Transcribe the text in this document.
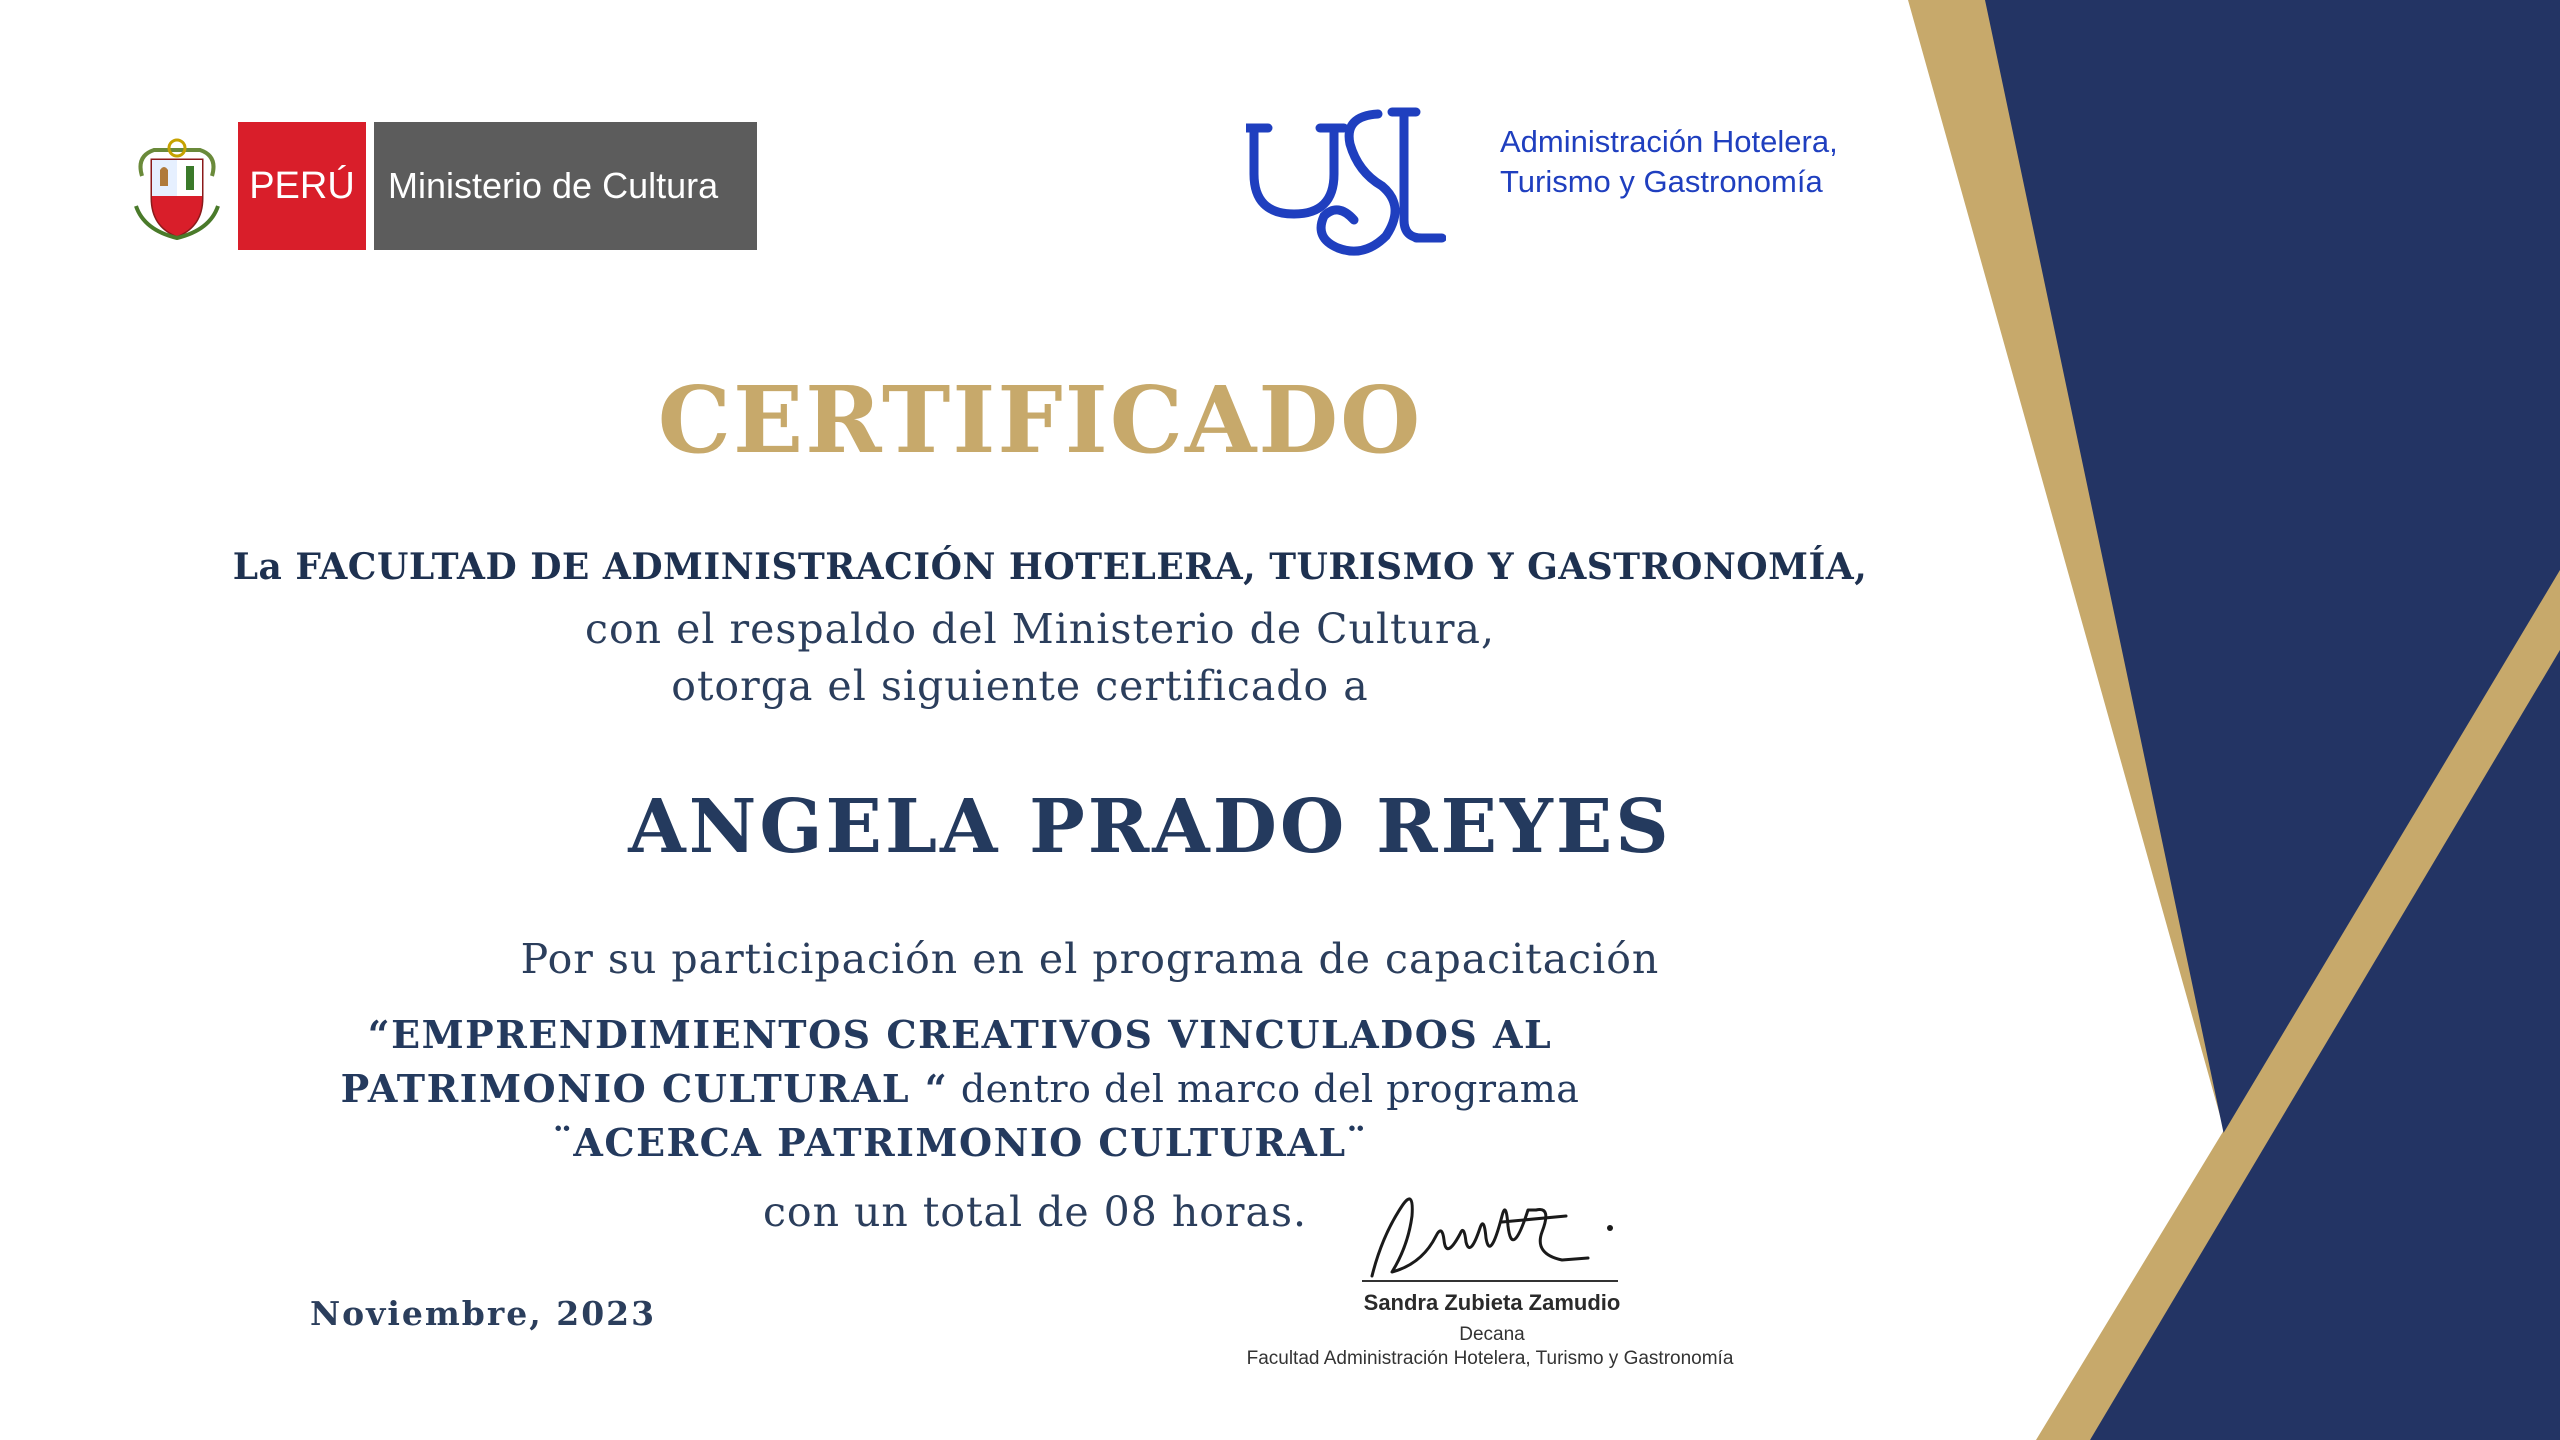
PERÚ Ministerio de Cultura
Administración Hotelera,
Turismo y Gastronomía
CERTIFICADO
La FACULTAD DE ADMINISTRACIÓN HOTELERA, TURISMO Y GASTRONOMÍA,
con el respaldo del Ministerio de Cultura,
otorga el siguiente certificado a
ANGELA PRADO REYES
Por su participación en el programa de capacitación
“EMPRENDIMIENTOS CREATIVOS VINCULADOS AL PATRIMONIO CULTURAL “ dentro del marco del programa ¨ACERCA PATRIMONIO CULTURAL¨
con un total de 08 horas.
Noviembre, 2023	Sandra Zubieta Zamudio
Decana
Facultad Administración Hotelera, Turismo y Gastronomía
